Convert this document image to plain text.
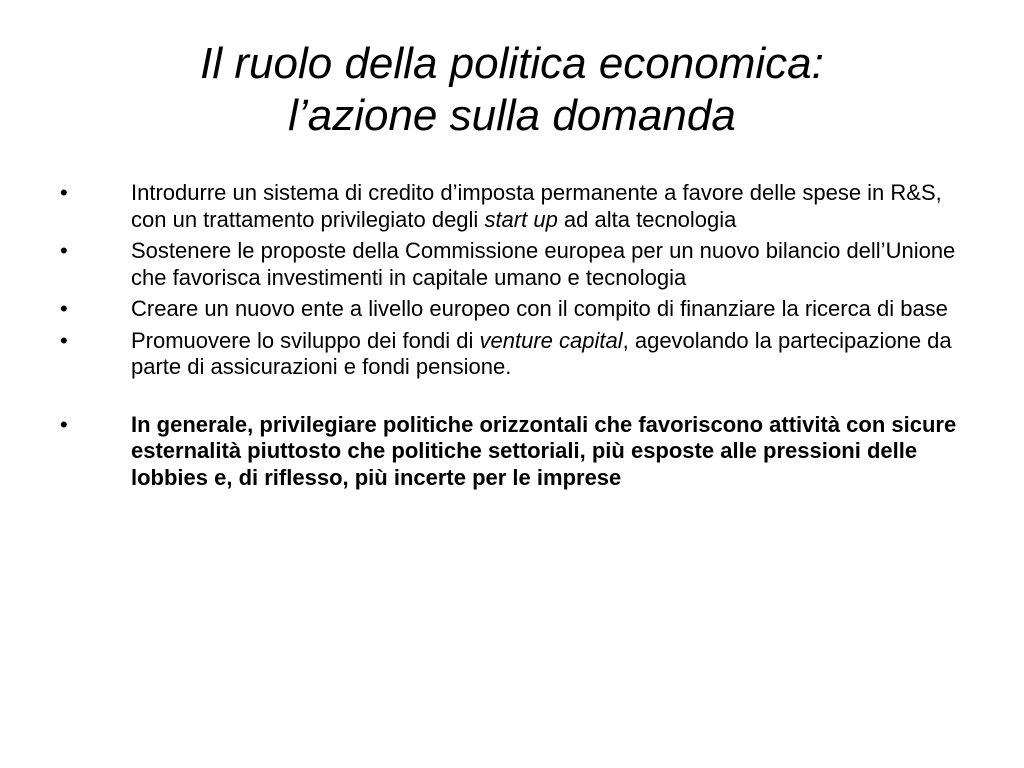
Il ruolo della politica economica:
l’azione sulla domanda
•	Introdurre un sistema di credito d’imposta permanente a favore delle spese in R&S, con un trattamento privilegiato degli start up ad alta tecnologia
•	Sostenere le proposte della Commissione europea per un nuovo bilancio dell’Unione che favorisca investimenti in capitale umano e tecnologia
•	Creare un nuovo ente a livello europeo con il compito di finanziare la ricerca di base
•	Promuovere lo sviluppo dei fondi di venture capital, agevolando la partecipazione da parte di assicurazioni e fondi pensione.
•	In generale, privilegiare politiche orizzontali che favoriscono attività con sicure esternalità piuttosto che politiche settoriali, più esposte alle pressioni delle lobbies e, di riflesso, più incerte per le imprese
